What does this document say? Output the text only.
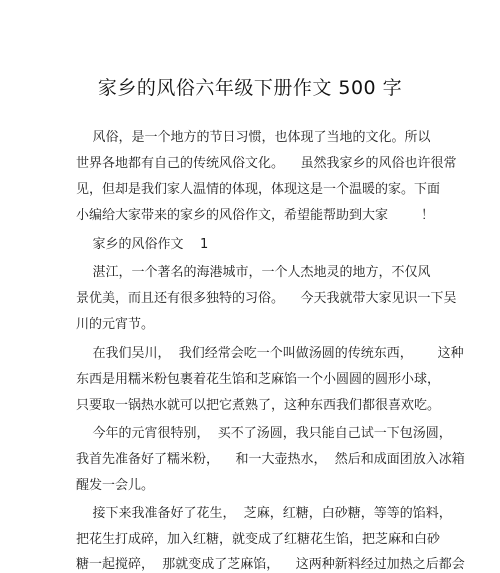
家乡的风俗六年级下册作文 500 字
风俗，是一个地方的节日习惯，也体现了当地的文化。所以
世界各地都有自己的传统风俗文化。    虽然我家乡的风俗也许很常
见，但却是我们家人温情的体现，体现这是一个温暖的家。下面
小编给大家带来的家乡的风俗作文，希望能帮助到大家        ！
家乡的风俗作文    1
湛江，一个著名的海港城市，一个人杰地灵的地方，不仅风
景优美，而且还有很多独特的习俗。    今天我就带大家见识一下吴
川的元宵节。
在我们吴川，  我们经常会吃一个叫做汤圆的传统东西，      这种
东西是用糯米粉包裹着花生馅和芝麻馅一个小圆圆的圆形小球，
只要取一锅热水就可以把它煮熟了，这种东西我们都很喜欢吃。
今年的元宵很特别，  买不了汤圆，我只能自己试一下包汤圆，
我首先准备好了糯米粉，    和一大壶热水，  然后和成面团放入冰箱
醒发一会儿。
接下来我准备好了花生，  芝麻，红糖，白砂糖，等等的馅料，
把花生打成碎，加入红糖，就变成了红糖花生馅，把芝麻和白砂
糖一起搅碎，  那就变成了芝麻馅，    这两种新料经过加热之后都会
